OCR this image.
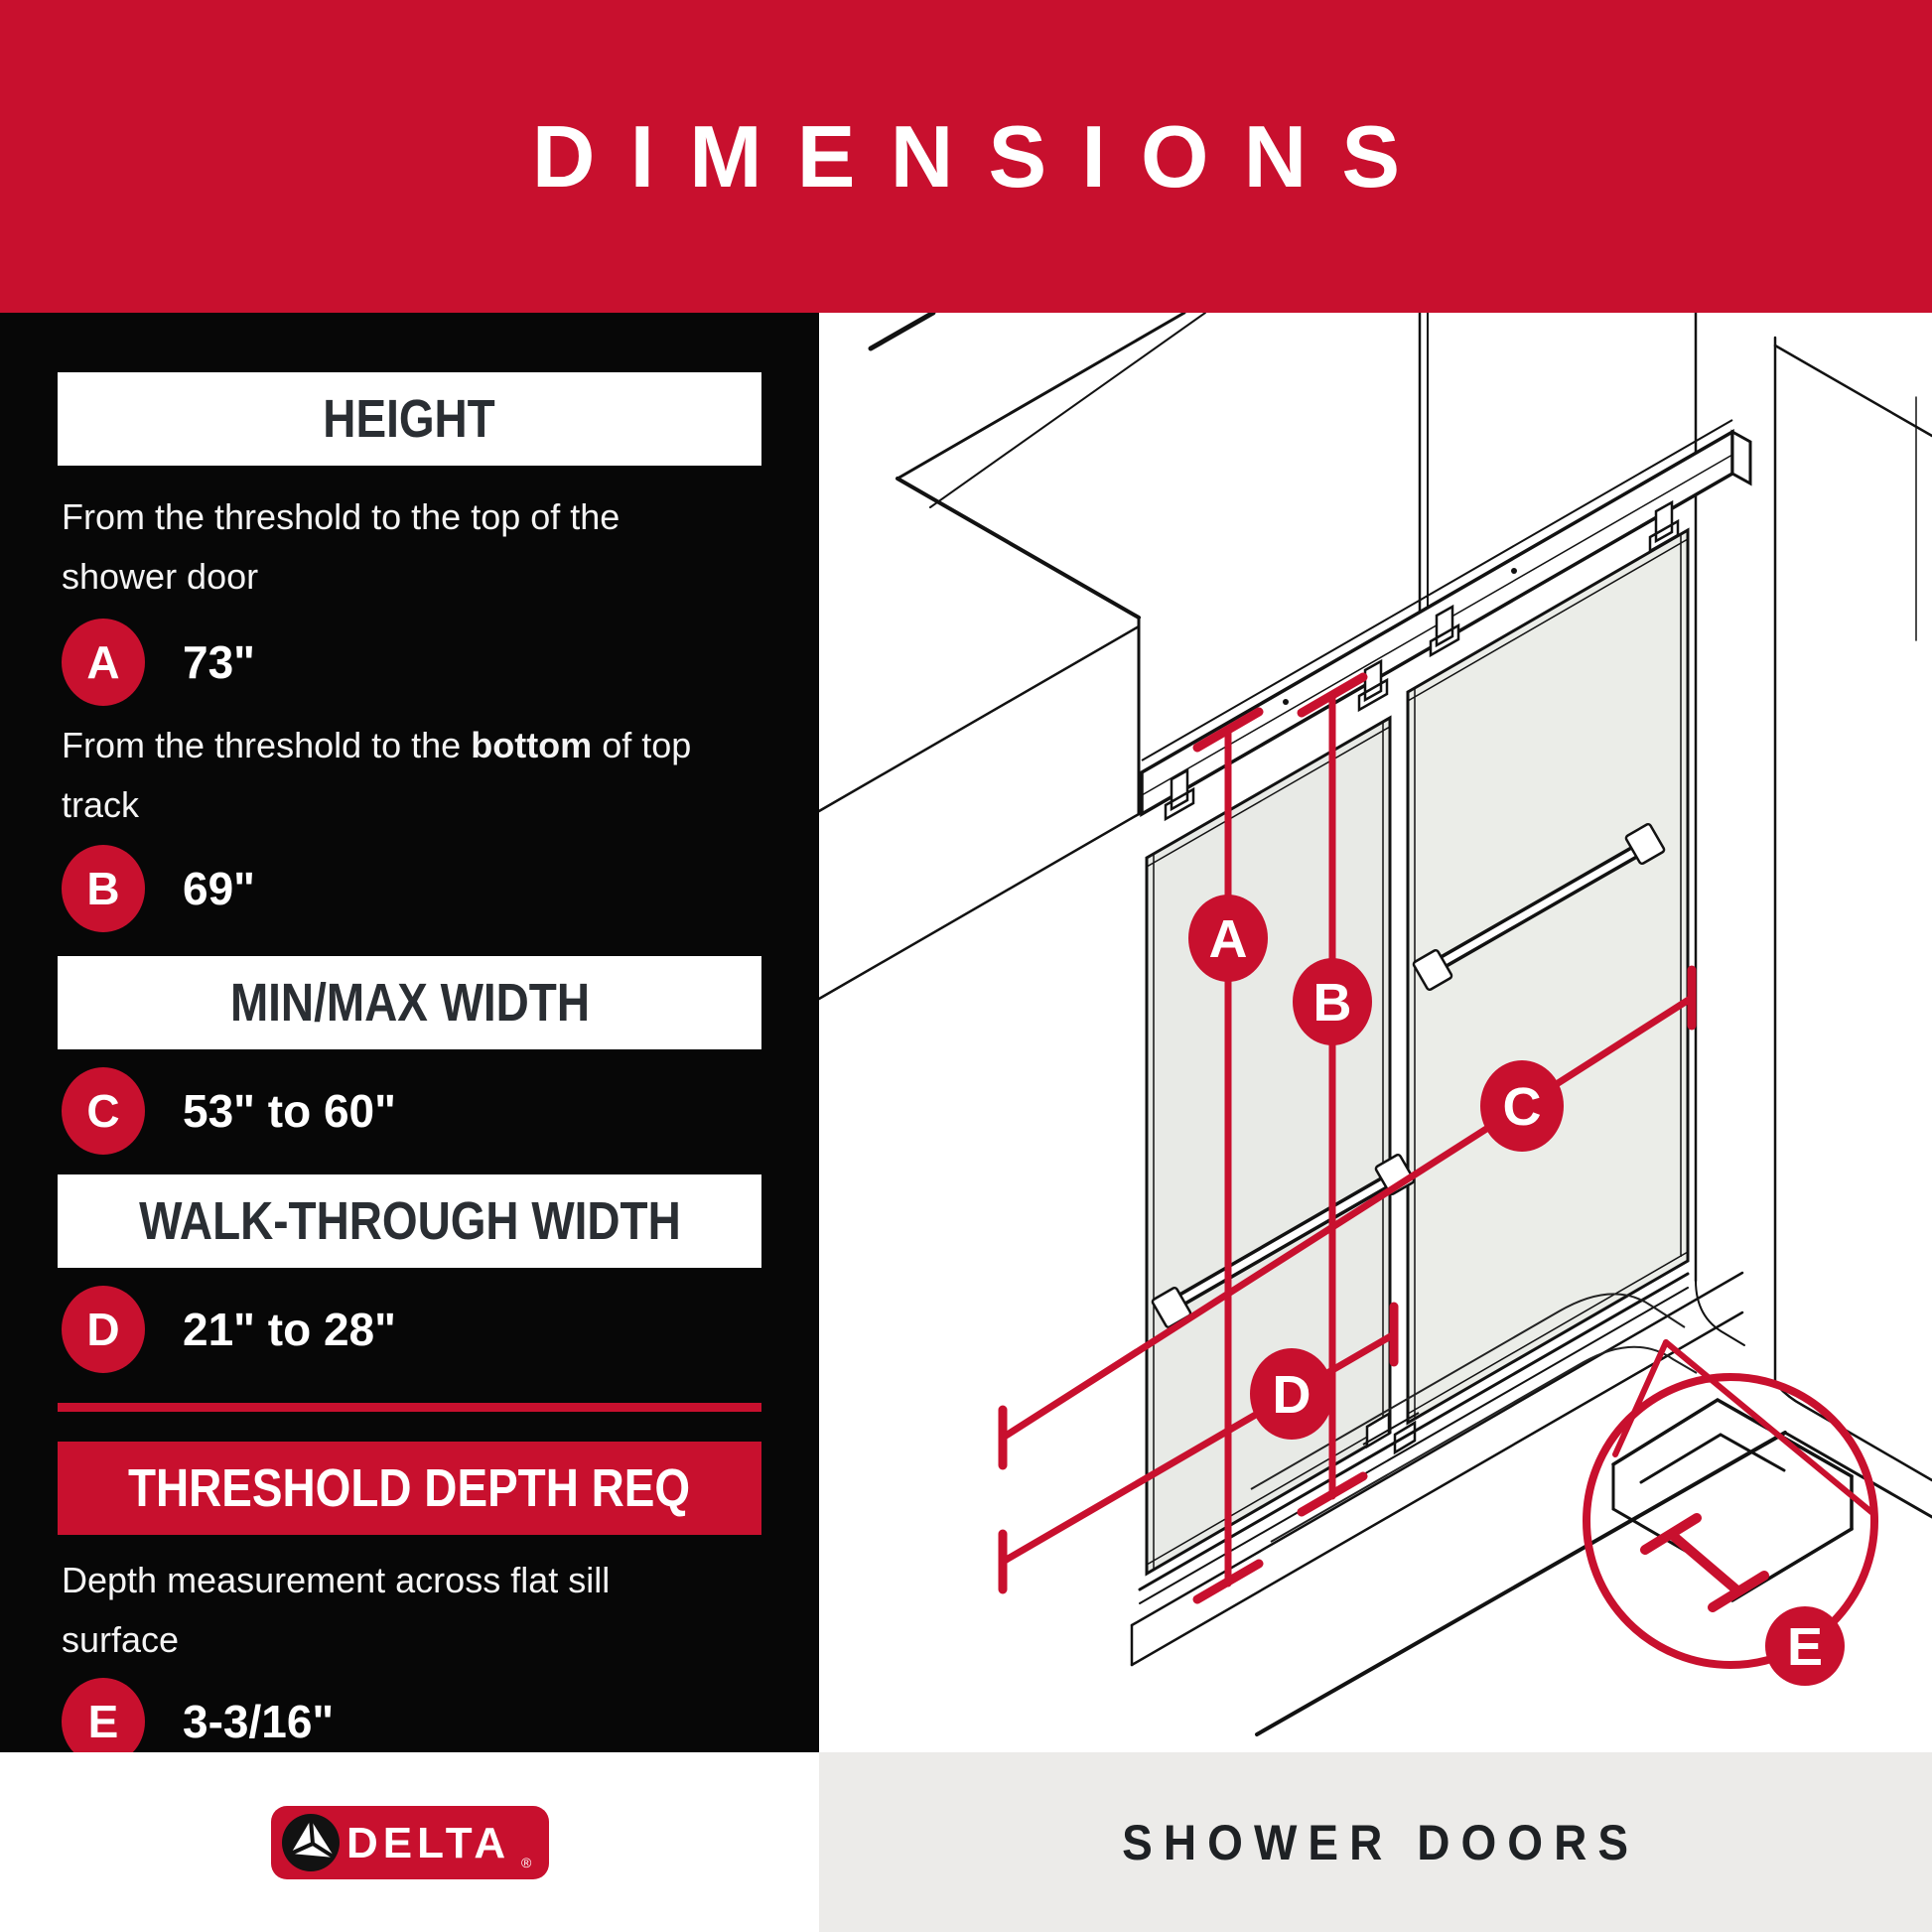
DIMENSIONS
HEIGHT
From the threshold to the top of the shower door
A	73"
From the threshold to the bottom of top track
B	69"
MIN/MAX WIDTH
C	53" to 60"
WALK-THROUGH WIDTH
D	21" to 28"
THRESHOLD DEPTH REQ
Depth measurement across flat sill surface
E	3-3/16"
A
B
C
D
E
DELTA ®	SHOWER DOORS
